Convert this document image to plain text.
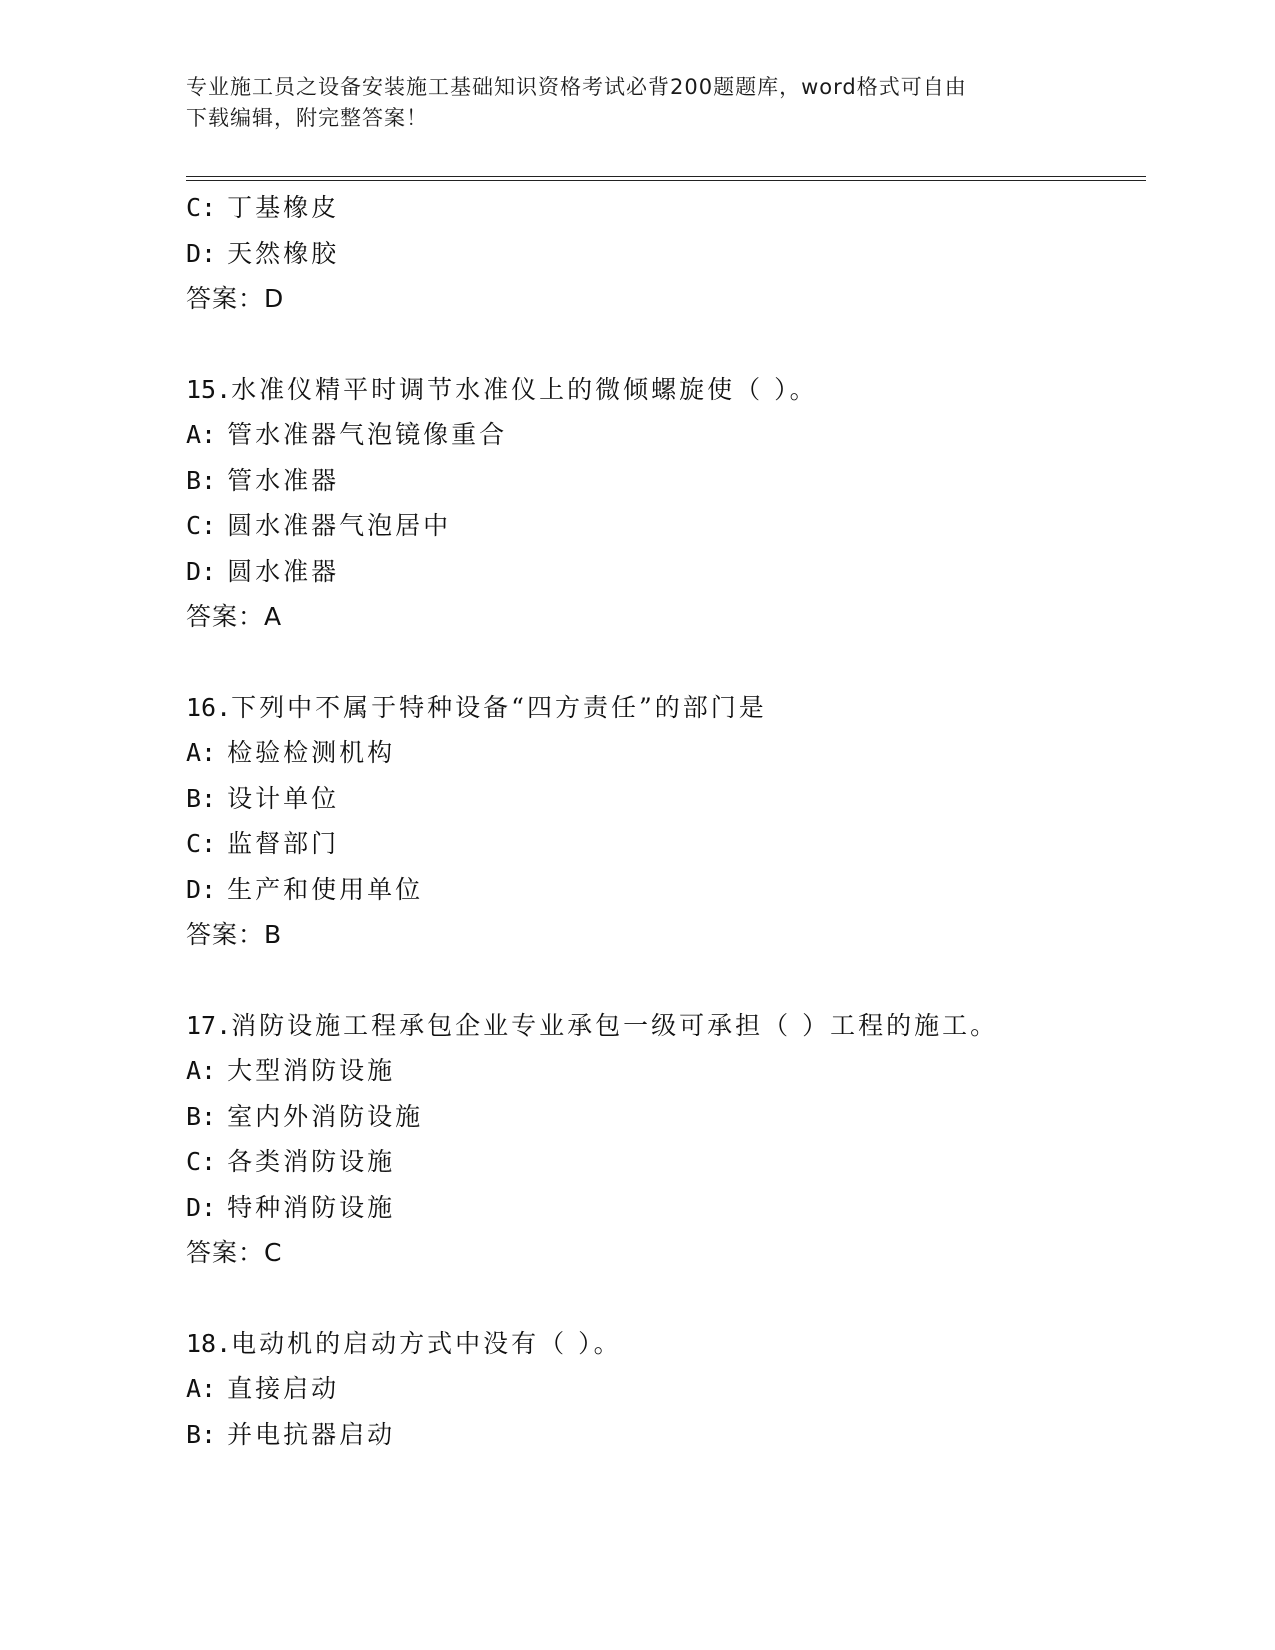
专业施工员之设备安装施工基础知识资格考试必背200题题库，word格式可自由
下载编辑，附完整答案！
C: 丁基橡皮
D: 天然橡胶
答案：D
15.水准仪精平时调节水准仪上的微倾螺旋使（ ）。
A: 管水准器气泡镜像重合
B: 管水准器
C: 圆水准器气泡居中
D: 圆水准器
答案：A
16.下列中不属于特种设备“四方责任”的部门是
A: 检验检测机构
B: 设计单位
C: 监督部门
D: 生产和使用单位
答案：B
17.消防设施工程承包企业专业承包一级可承担（ ）工程的施工。
A: 大型消防设施
B: 室内外消防设施
C: 各类消防设施
D: 特种消防设施
答案：C
18.电动机的启动方式中没有（ ）。
A: 直接启动
B: 并电抗器启动
